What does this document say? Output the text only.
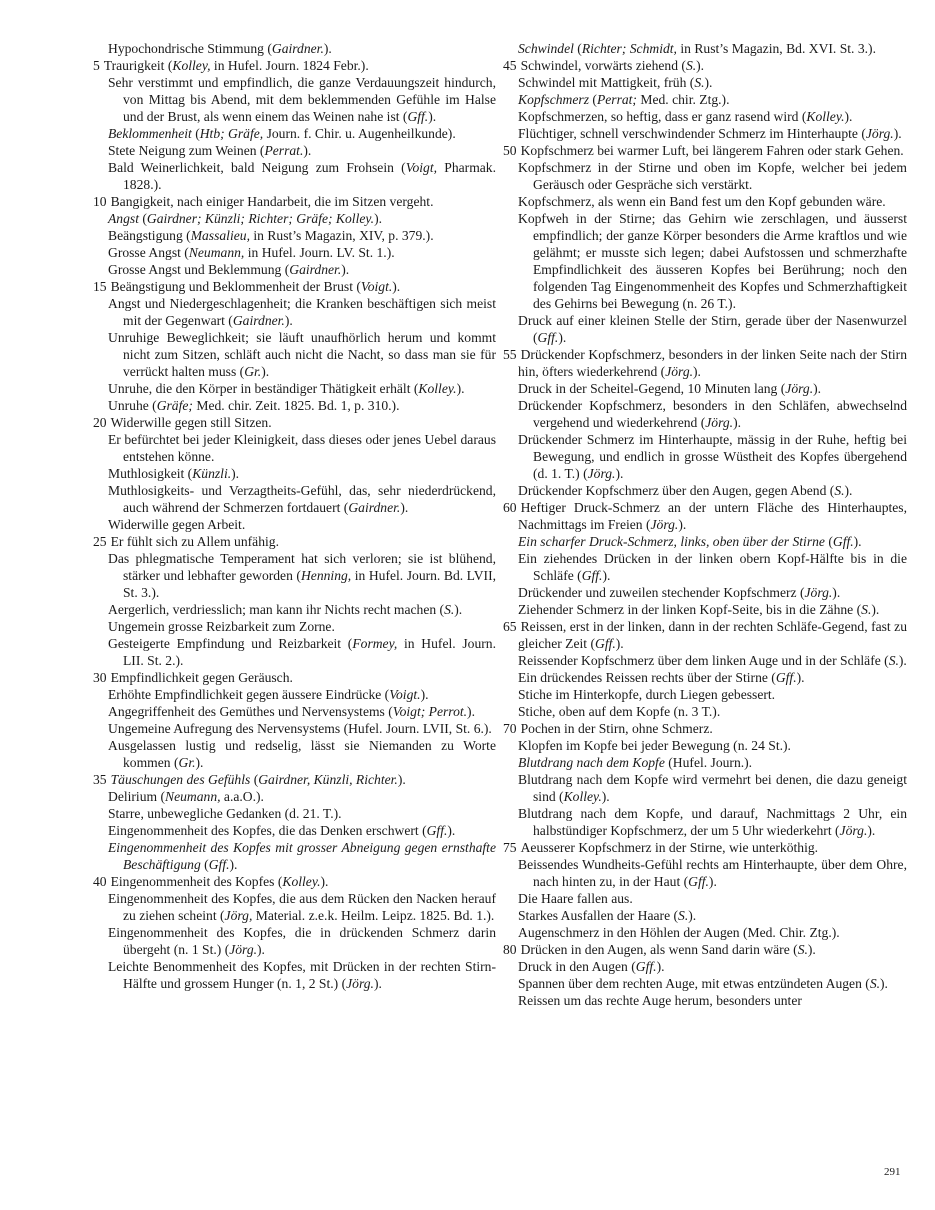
Hypochondrische Stimmung (Gairdner.).

5 Traurigkeit (Kolley, in Hufel. Journ. 1824 Febr.).

Sehr verstimmt und empfindlich, die ganze Verdauungszeit hindurch, von Mittag bis Abend, mit dem beklemmenden Gefühle im Halse und der Brust, als wenn einem das Weinen nahe ist (Gff.).

Beklommenheit (Htb; Gräfe, Journ. f. Chir. u. Augenheilkunde).

Stete Neigung zum Weinen (Perrat.).

Bald Weinerlichkeit, bald Neigung zum Frohsein (Voigt, Pharmak. 1828.).

10 Bangigkeit, nach einiger Handarbeit, die im Sitzen vergeht.

Angst (Gairdner; Künzli; Richter; Gräfe; Kolley.).

Beängstigung (Massalieu, in Rust’s Magazin, XIV, p. 379.).

Grosse Angst (Neumann, in Hufel. Journ. LV. St. 1.).

Grosse Angst und Beklemmung (Gairdner.).

15 Beängstigung und Beklommenheit der Brust (Voigt.).

Angst und Niedergeschlagenheit; die Kranken beschäftigen sich meist mit der Gegenwart (Gairdner.).

Unruhige Beweglichkeit; sie läuft unaufhörlich herum und kommt nicht zum Sitzen, schläft auch nicht die Nacht, so dass man sie für verrückt halten muss (Gr.).

Unruhe, die den Körper in beständiger Thätigkeit erhält (Kolley.).

Unruhe (Gräfe; Med. chir. Zeit. 1825. Bd. 1, p. 310.).

20 Widerwille gegen still Sitzen.

Er befürchtet bei jeder Kleinigkeit, dass dieses oder jenes Uebel daraus entstehen könne.

Muthlosigkeit (Künzli.).

Muthlosigkeits- und Verzagtheits-Gefühl, das, sehr niederdrückend, auch während der Schmerzen fortdauert (Gairdner.).

Widerwille gegen Arbeit.

25 Er fühlt sich zu Allem unfähig.

Das phlegmatische Temperament hat sich verloren; sie ist blühend, stärker und lebhafter geworden (Henning, in Hufel. Journ. Bd. LVII, St. 3.).

Aergerlich, verdriesslich; man kann ihr Nichts recht machen (S.).

Ungemein grosse Reizbarkeit zum Zorne.

Gesteigerte Empfindung und Reizbarkeit (Formey, in Hufel. Journ. LII. St. 2.).

30 Empfindlichkeit gegen Geräusch.

Erhöhte Empfindlichkeit gegen äussere Eindrücke (Voigt.).

Angegriffenheit des Gemüthes und Nervensystems (Voigt; Perrot.).

Ungemeine Aufregung des Nervensystems (Hufel. Journ. LVII, St. 6.).

Ausgelassen lustig und redselig, lässt sie Niemanden zu Worte kommen (Gr.).

35 Täuschungen des Gefühls (Gairdner, Künzli, Richter.).

Delirium (Neumann, a.a.O.).

Starre, unbewegliche Gedanken (d. 21. T.).

Eingenommenheit des Kopfes, die das Denken erschwert (Gff.).

Eingenommenheit des Kopfes mit grosser Abneigung gegen ernsthafte Beschäftigung (Gff.).

40 Eingenommenheit des Kopfes (Kolley.).

Eingenommenheit des Kopfes, die aus dem Rücken den Nacken herauf zu ziehen scheint (Jörg, Material. z.e.k. Heilm. Leipz. 1825. Bd. 1.).

Eingenommenheit des Kopfes, die in drückenden Schmerz darin übergeht (n. 1 St.) (Jörg.).

Leichte Benommenheit des Kopfes, mit Drücken in der rechten Stirn-Hälfte und grossem Hunger (n. 1, 2 St.) (Jörg.).

Schwindel (Richter; Schmidt, in Rust’s Magazin, Bd. XVI. St. 3.).

45 Schwindel, vorwärts ziehend (S.).

Schwindel mit Mattigkeit, früh (S.).

Kopfschmerz (Perrat; Med. chir. Ztg.).

Kopfschmerzen, so heftig, dass er ganz rasend wird (Kolley.).

Flüchtiger, schnell verschwindender Schmerz im Hinterhaupte (Jörg.).

50 Kopfschmerz bei warmer Luft, bei längerem Fahren oder stark Gehen.

Kopfschmerz in der Stirne und oben im Kopfe, welcher bei jedem Geräusch oder Gespräche sich verstärkt.

Kopfschmerz, als wenn ein Band fest um den Kopf gebunden wäre.

Kopfweh in der Stirne; das Gehirn wie zerschlagen, und äusserst empfindlich; der ganze Körper besonders die Arme kraftlos und wie gelähmt; er musste sich legen; dabei Aufstossen und schmerzhafte Empfindlichkeit des äusseren Kopfes bei Berührung; noch den folgenden Tag Eingenommenheit des Kopfes und Schmerzhaftigkeit des Gehirns bei Bewegung (n. 26 T.).

Druck auf einer kleinen Stelle der Stirn, gerade über der Nasenwurzel (Gff.).

55 Drückender Kopfschmerz, besonders in der linken Seite nach der Stirn hin, öfters wiederkehrend (Jörg.).

Druck in der Scheitel-Gegend, 10 Minuten lang (Jörg.).

Drückender Kopfschmerz, besonders in den Schläfen, abwechselnd vergehend und wiederkehrend (Jörg.).

Drückender Schmerz im Hinterhaupte, mässig in der Ruhe, heftig bei Bewegung, und endlich in grosse Wüstheit des Kopfes übergehend (d. 1. T.) (Jörg.).

Drückender Kopfschmerz über den Augen, gegen Abend (S.).

60 Heftiger Druck-Schmerz an der untern Fläche des Hinterhauptes, Nachmittags im Freien (Jörg.).

Ein scharfer Druck-Schmerz, links, oben über der Stirne (Gff.).

Ein ziehendes Drücken in der linken obern Kopf-Hälfte bis in die Schläfe (Gff.).

Drückender und zuweilen stechender Kopfschmerz (Jörg.).

Ziehender Schmerz in der linken Kopf-Seite, bis in die Zähne (S.).

65 Reissen, erst in der linken, dann in der rechten Schläfe-Gegend, fast zu gleicher Zeit (Gff.).

Reissender Kopfschmerz über dem linken Auge und in der Schläfe (S.).

Ein drückendes Reissen rechts über der Stirne (Gff.).

Stiche im Hinterkopfe, durch Liegen gebessert.

Stiche, oben auf dem Kopfe (n. 3 T.).

70 Pochen in der Stirn, ohne Schmerz.

Klopfen im Kopfe bei jeder Bewegung (n. 24 St.).

Blutdrang nach dem Kopfe (Hufel. Journ.).

Blutdrang nach dem Kopfe wird vermehrt bei denen, die dazu geneigt sind (Kolley.).

Blutdrang nach dem Kopfe, und darauf, Nachmittags 2 Uhr, ein halbstündiger Kopfschmerz, der um 5 Uhr wiederkehrt (Jörg.).

75 Aeusserer Kopfschmerz in der Stirne, wie unterköthig.

Beissendes Wundheits-Gefühl rechts am Hinterhaupte, über dem Ohre, nach hinten zu, in der Haut (Gff.).

Die Haare fallen aus.

Starkes Ausfallen der Haare (S.).

Augenschmerz in den Höhlen der Augen (Med. Chir. Ztg.).

80 Drücken in den Augen, als wenn Sand darin wäre (S.).

Druck in den Augen (Gff.).

Spannen über dem rechten Auge, mit etwas entzündeten Augen (S.).

Reissen um das rechte Auge herum, besonders unter

291
